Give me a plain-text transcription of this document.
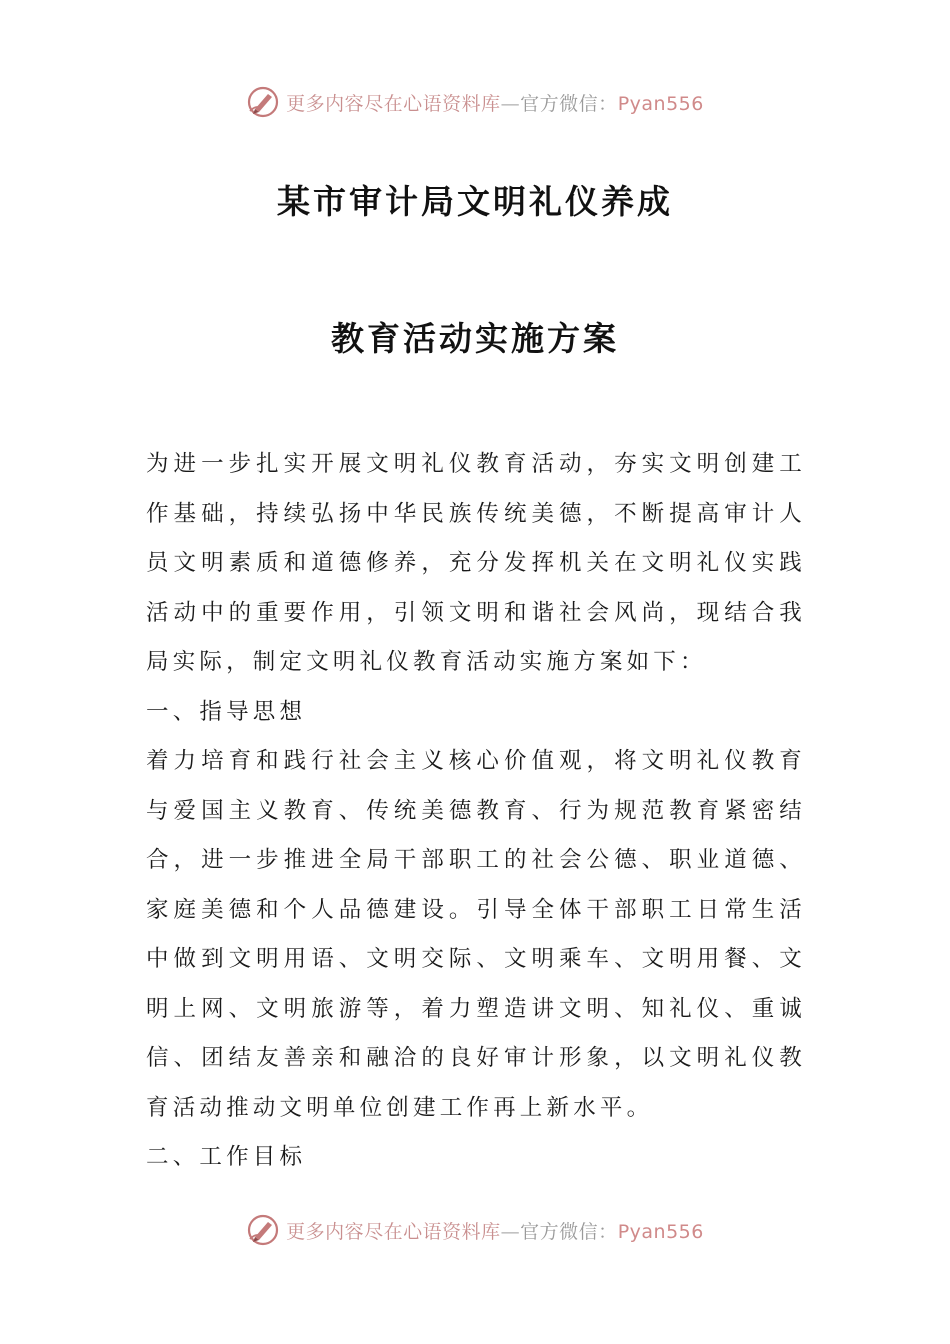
更多内容尽在心语资料库—官方微信：Pyan556
某市审计局文明礼仪养成
教育活动实施方案

为进一步扎实开展文明礼仪教育活动，夯实文明创建工作基础，持续弘扬中华民族传统美德，不断提高审计人员文明素质和道德修养，充分发挥机关在文明礼仪实践活动中的重要作用，引领文明和谐社会风尚，现结合我局实际，制定文明礼仪教育活动实施方案如下：

一、指导思想

着力培育和践行社会主义核心价值观，将文明礼仪教育与爱国主义教育、传统美德教育、行为规范教育紧密结合，进一步推进全局干部职工的社会公德、职业道德、家庭美德和个人品德建设。引导全体干部职工日常生活中做到文明用语、文明交际、文明乘车、文明用餐、文明上网、文明旅游等，着力塑造讲文明、知礼仪、重诚信、团结友善亲和融洽的良好审计形象，以文明礼仪教育活动推动文明单位创建工作再上新水平。

二、工作目标

更多内容尽在心语资料库—官方微信：Pyan556
